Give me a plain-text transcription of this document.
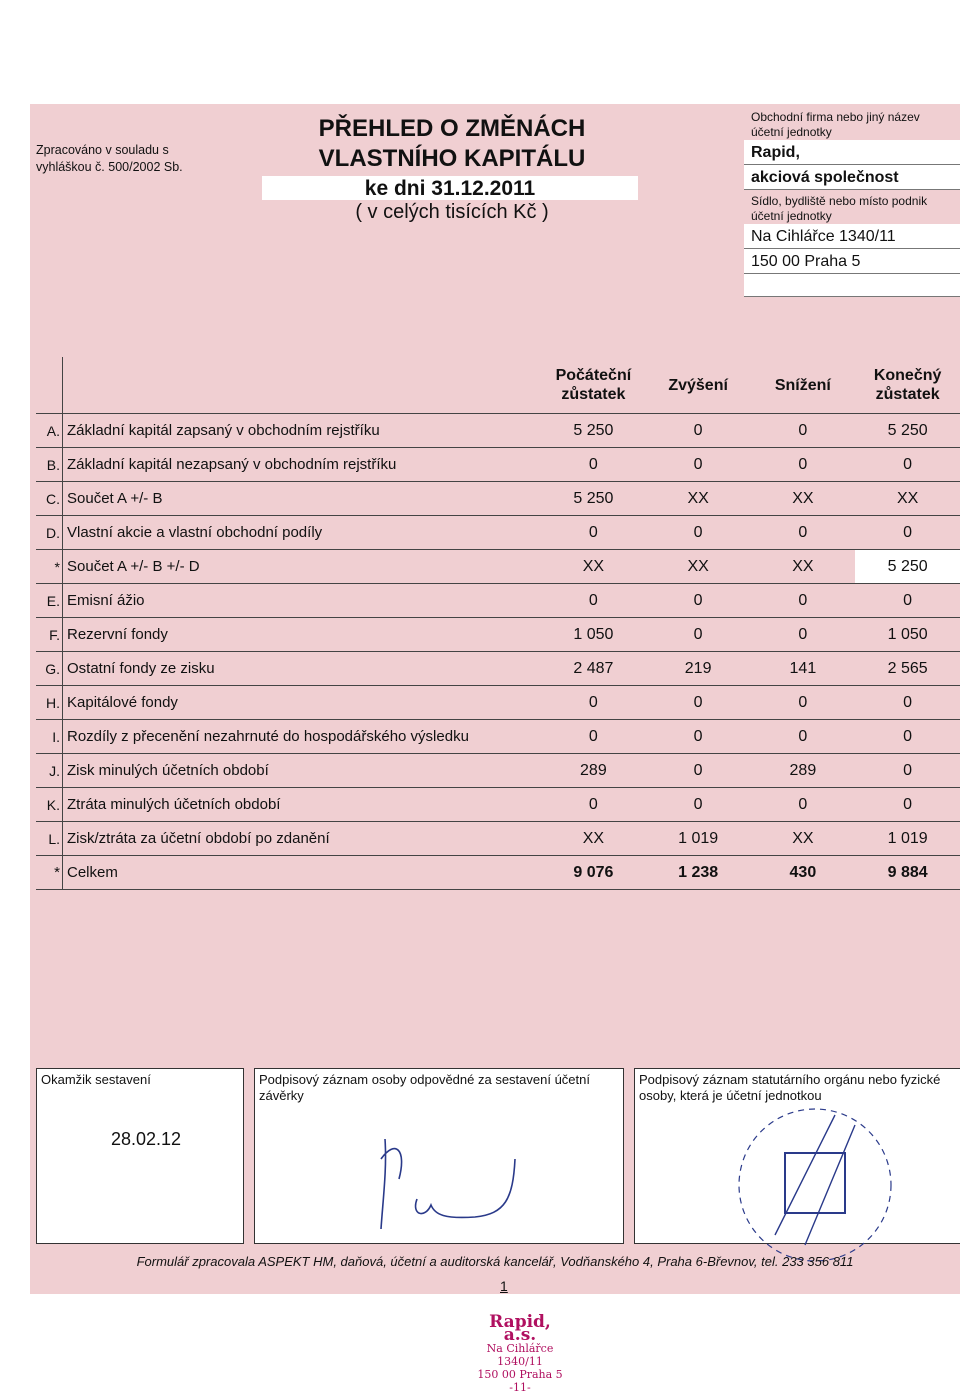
Zpracováno v souladu s
vyhláškou č. 500/2002 Sb.
PŘEHLED O ZMĚNÁCH
VLASTNÍHO KAPITÁLU
ke dni 31.12.2011
( v celých tisících Kč )
Obchodní firma nebo jiný název
účetní jednotky
Rapid,
akciová společnost
Sídlo, bydliště nebo místo podnik
účetní jednotky
Na Cihlářce 1340/11
150 00 Praha 5
		Počáteční
zůstatek	Zvýšení	Snížení	Konečný
zůstatek
A.	Základní kapitál zapsaný v obchodním rejstříku	5 250	0	0	5 250
B.	Základní kapitál nezapsaný v obchodním rejstříku	0	0	0	0
C.	Součet A +/- B	5 250	XX	XX	XX
D.	Vlastní akcie a vlastní obchodní podíly	0	0	0	0
*	Součet A +/- B +/- D	XX	XX	XX	5 250
E.	Emisní ážio	0	0	0	0
F.	Rezervní fondy	1 050	0	0	1 050
G.	Ostatní fondy ze zisku	2 487	219	141	2 565
H.	Kapitálové fondy	0	0	0	0
I.	Rozdíly z přecenění nezahrnuté do hospodářského výsledku	0	0	0	0
J.	Zisk minulých účetních období	289	0	289	0
K.	Ztráta minulých účetních období	0	0	0	0
L.	Zisk/ztráta za účetní období po zdanění	XX	1 019	XX	1 019
*	Celkem	9 076	1 238	430	9 884
Okamžik sestavení
28.02.12
Podpisový záznam osoby odpovědné za sestavení účetní
závěrky
Podpisový záznam statutárního orgánu nebo fyzické
osoby, která je účetní jednotkou
Formulář zpracovala ASPEKT HM, daňová, účetní a auditorská kancelář, Vodňanského 4, Praha 6-Břevnov, tel. 233 356 811
1
Rapid, a.s.
Na Cihlářce 1340/11
150 00 Praha 5
-11-
